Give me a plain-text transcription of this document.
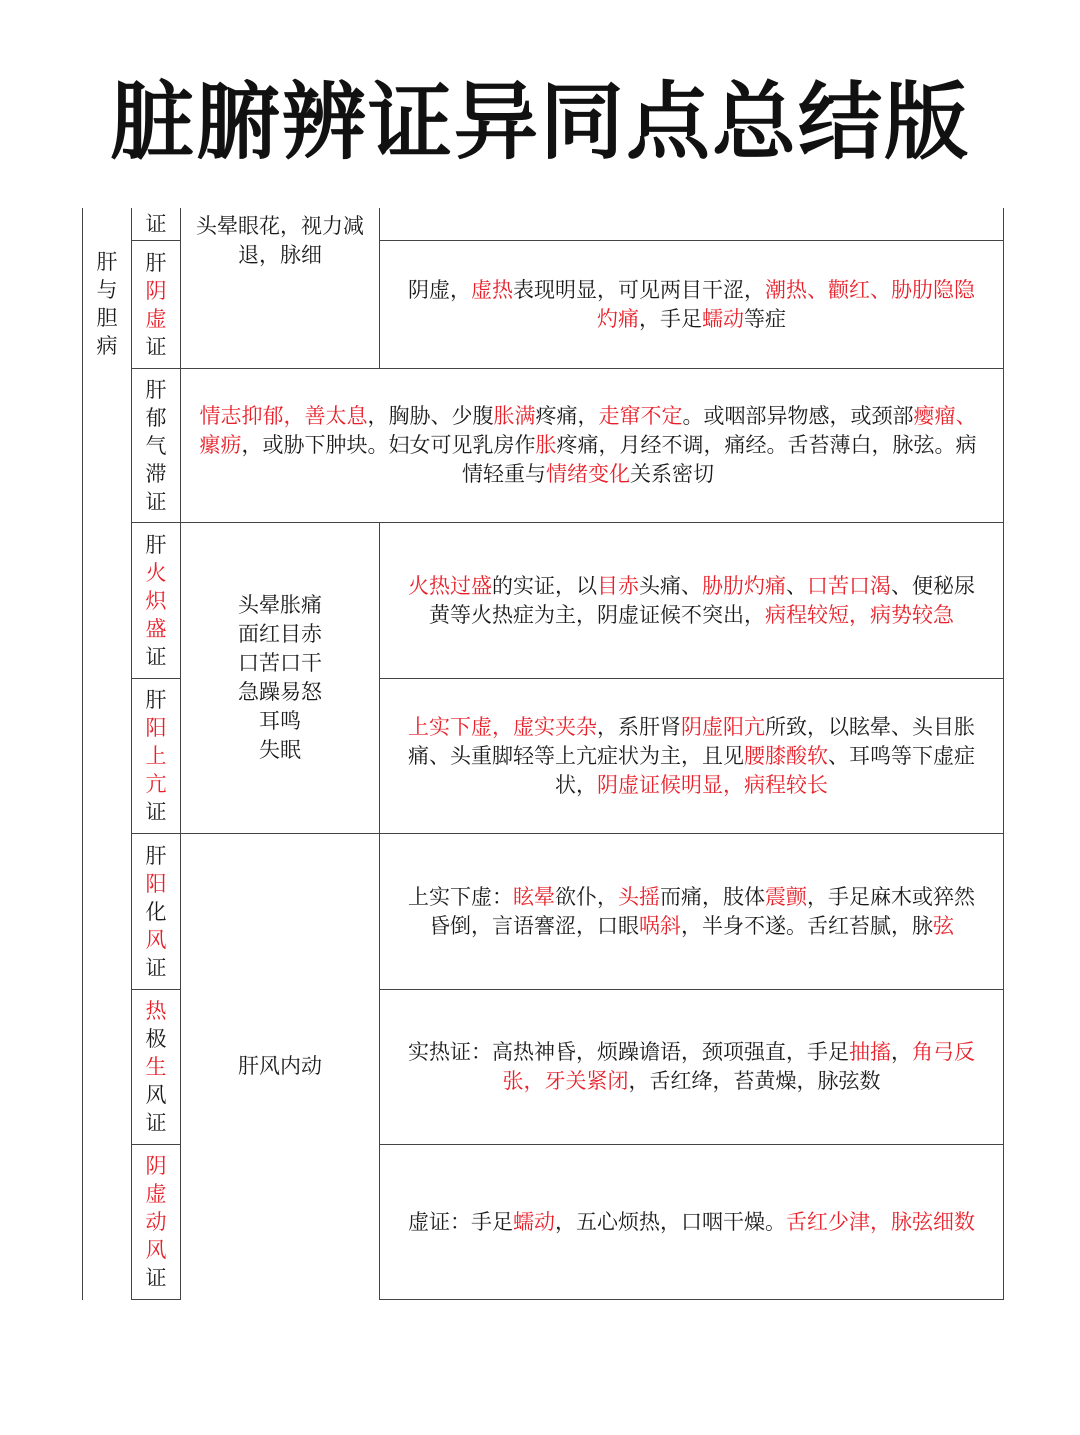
脏腑辨证异同点总结版
肝
与
胆
病
证
肝
阴
虚
证
肝
郁
气
滞
证
肝
火
炽
盛
证
肝
阳
上
亢
证
肝
阳
化
风
证
热
极
生
风
证
阴
虚
动
风
证
头晕眼花，视力减
退，脉细
头晕胀痛
面红目赤
口苦口干
急躁易怒
耳鸣
失眠
肝风内动
阴虚，虚热表现明显，可见两目干涩，潮热、颧红、胁肋隐隐灼痛，手足蠕动等症
情志抑郁，善太息，胸胁、少腹胀满疼痛，走窜不定。或咽部异物感，或颈部瘿瘤、瘰疬，或胁下肿块。妇女可见乳房作胀疼痛，月经不调，痛经。舌苔薄白，脉弦。病情轻重与情绪变化关系密切
火热过盛的实证，以目赤头痛、胁肋灼痛、口苦口渴、便秘尿黄等火热症为主，阴虚证候不突出，病程较短，病势较急
上实下虚，虚实夹杂，系肝肾阴虚阳亢所致，以眩晕、头目胀痛、头重脚轻等上亢症状为主，且见腰膝酸软、耳鸣等下虚症状，阴虚证候明显，病程较长
上实下虚：眩晕欲仆，头摇而痛，肢体震颤，手足麻木或猝然昏倒，言语謇涩，口眼㖞斜，半身不遂。舌红苔腻，脉弦
实热证：高热神昏，烦躁谵语，颈项强直，手足抽搐，角弓反张，牙关紧闭，舌红绛，苔黄燥，脉弦数
虚证：手足蠕动，五心烦热，口咽干燥。舌红少津，脉弦细数
